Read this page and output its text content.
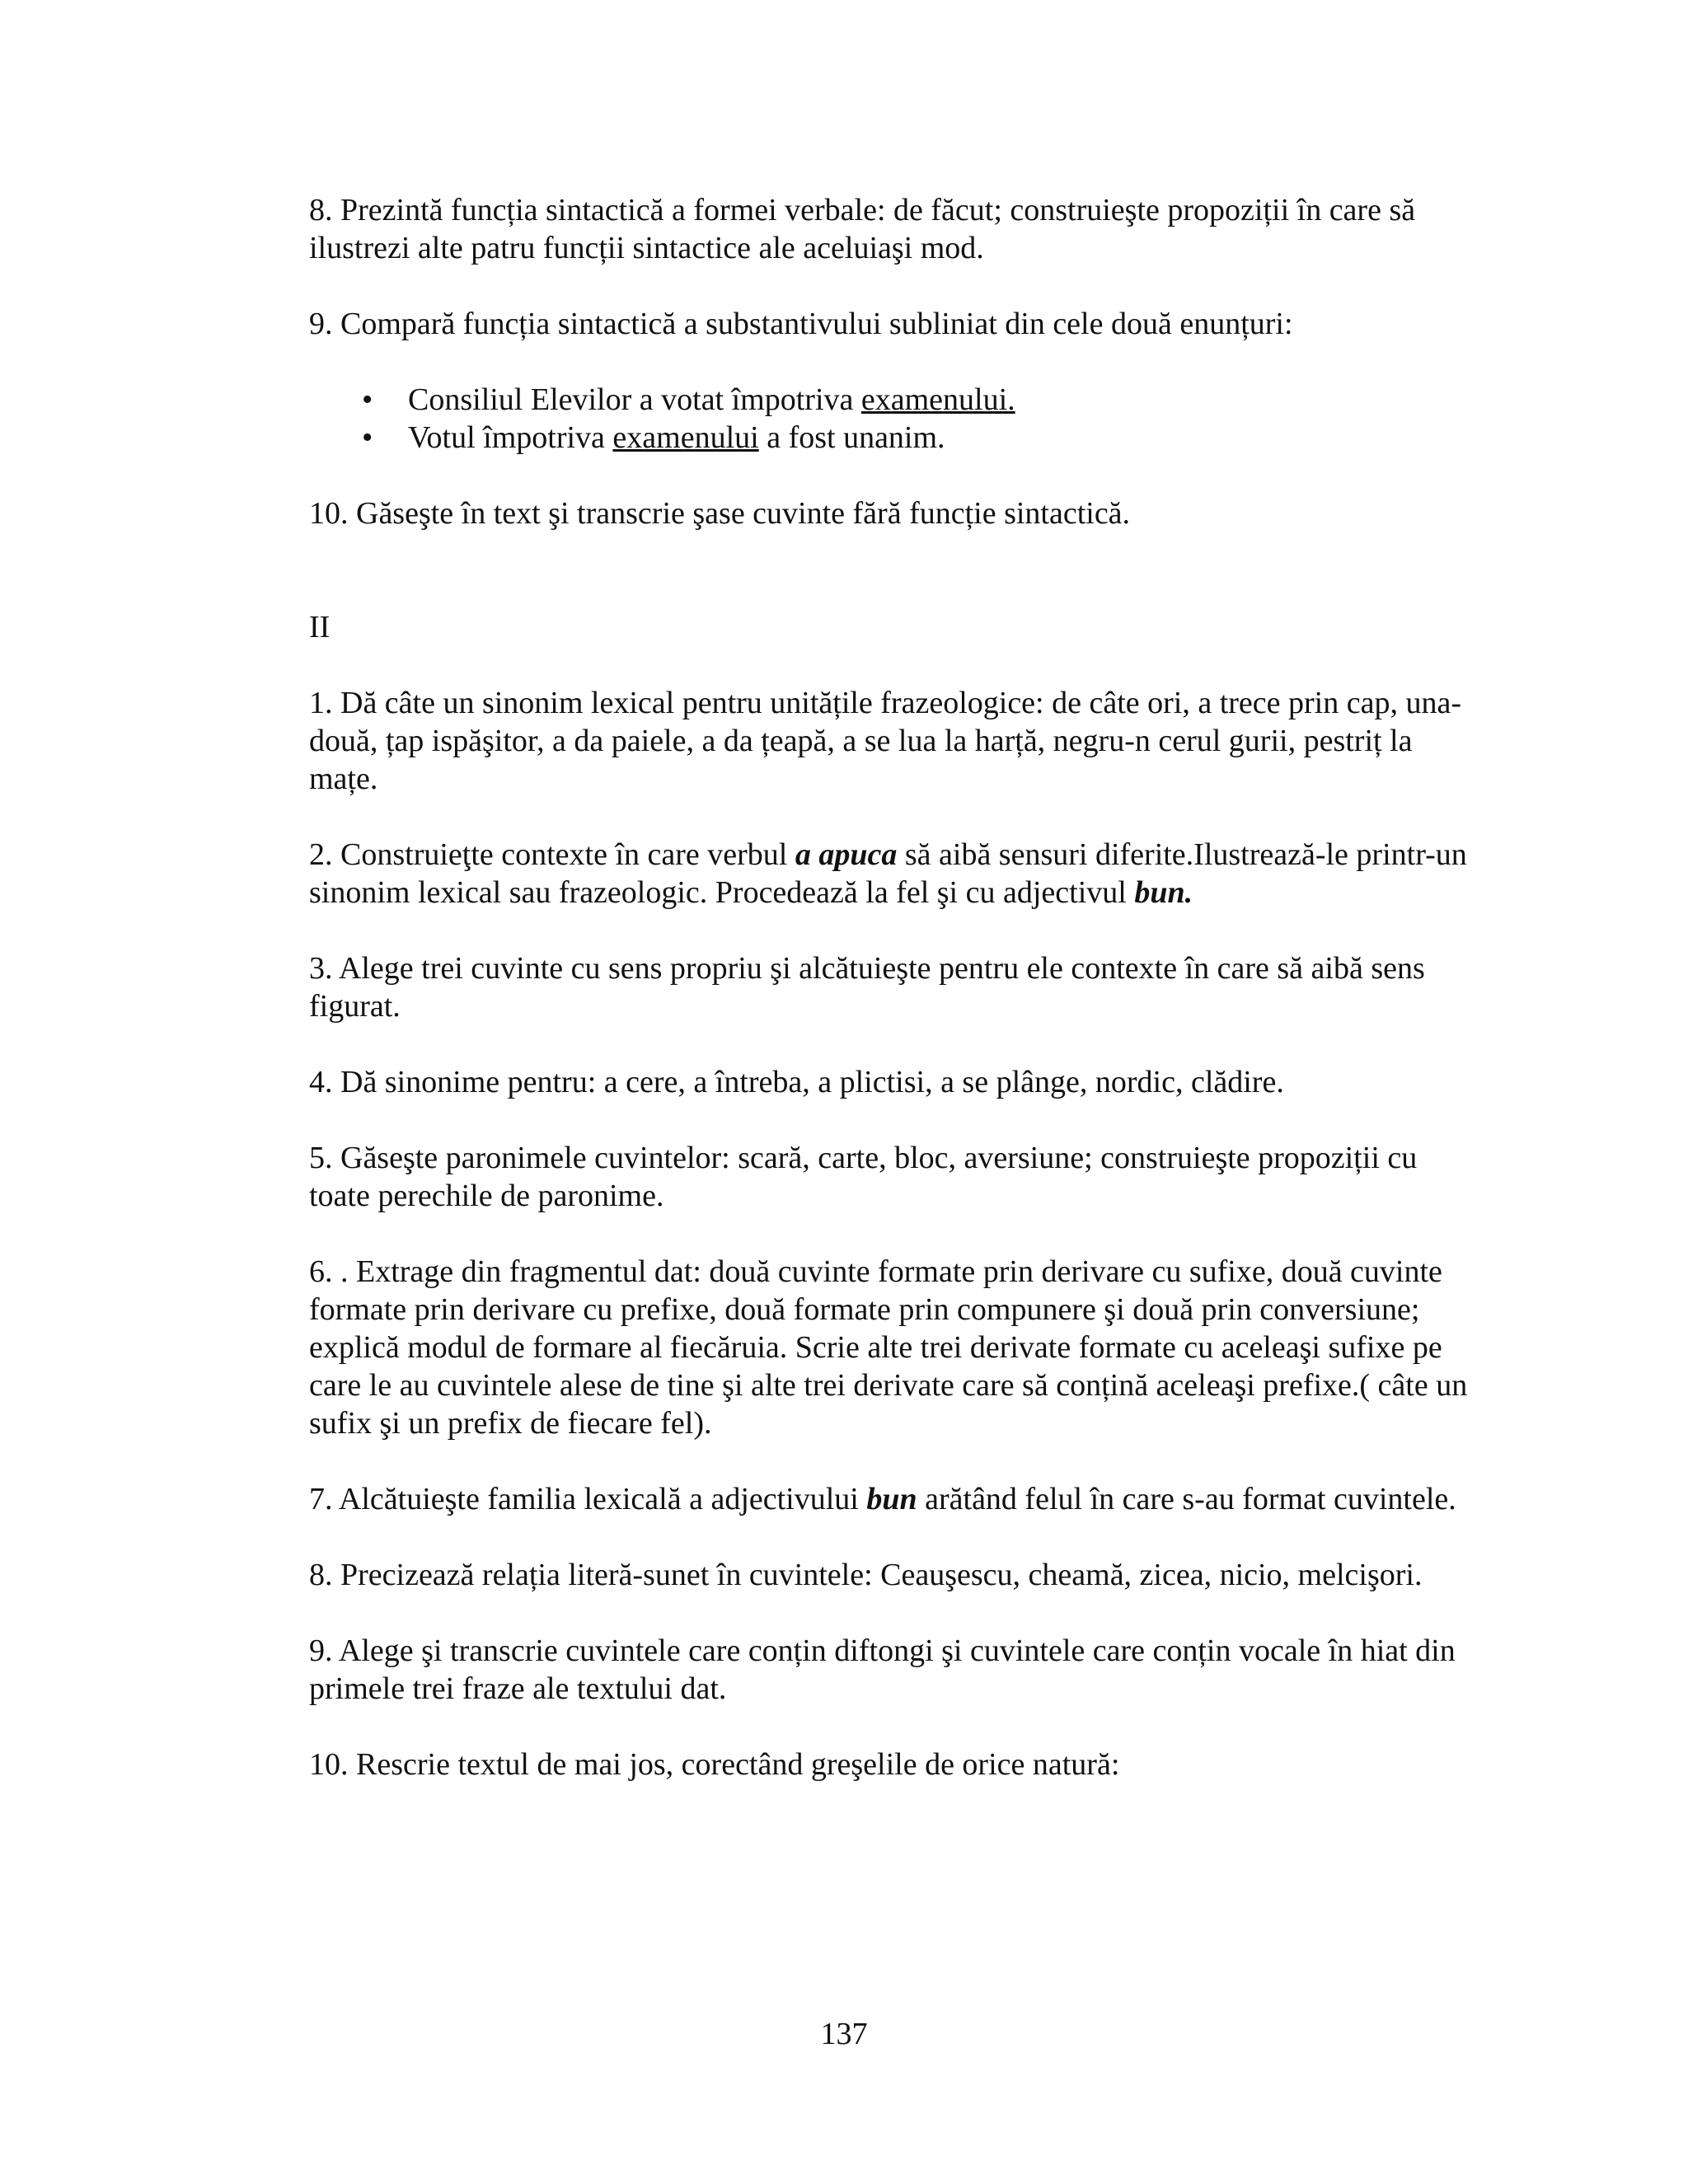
8. Prezintă funcția sintactică a formei verbale: de făcut; construieşte propoziții în care să ilustrezi alte patru funcții sintactice ale aceluiaşi mod.

9. Compară funcția sintactică a substantivului subliniat din cele două enunțuri:

• Consiliul Elevilor a votat împotriva examenului.
• Votul împotriva examenului a fost unanim.

10. Găseşte în text şi transcrie şase cuvinte fără funcție sintactică.

II

1. Dă câte un sinonim lexical pentru unitățile frazeologice: de câte ori, a trece prin cap, una-două, țap ispăşitor, a da paiele, a da țeapă, a se lua la harță, negru-n cerul gurii, pestriț la mațe.

2. Construieţte contexte în care verbul a apuca să aibă sensuri diferite.Ilustrează-le printr-un sinonim lexical sau frazeologic. Procedează la fel şi cu adjectivul bun.

3. Alege trei cuvinte cu sens propriu şi alcătuieşte pentru ele contexte în care să aibă sens figurat.

4. Dă sinonime pentru: a cere, a întreba, a plictisi, a se plânge, nordic, clădire.

5. Găseşte paronimele cuvintelor: scară, carte, bloc, aversiune; construieşte propoziții cu toate perechile de paronime.

6. . Extrage din fragmentul dat: două cuvinte formate prin derivare cu sufixe, două cuvinte formate prin derivare cu prefixe, două formate prin compunere şi două prin conversiune; explică modul de formare al fiecăruia. Scrie alte trei derivate formate cu aceleaşi sufixe pe care le au cuvintele alese de tine şi alte trei derivate care să conțină aceleaşi prefixe.( câte un sufix şi un prefix de fiecare fel).

7. Alcătuieşte familia lexicală a adjectivului bun arătând felul în care s-au format cuvintele.

8. Precizează relația literă-sunet în cuvintele: Ceauşescu, cheamă, zicea, nicio, melcişori.

9. Alege şi transcrie cuvintele care conțin diftongi şi cuvintele care conțin vocale în hiat din primele trei fraze ale textului dat.

10. Rescrie textul de mai jos, corectând greşelile de orice natură:

137
